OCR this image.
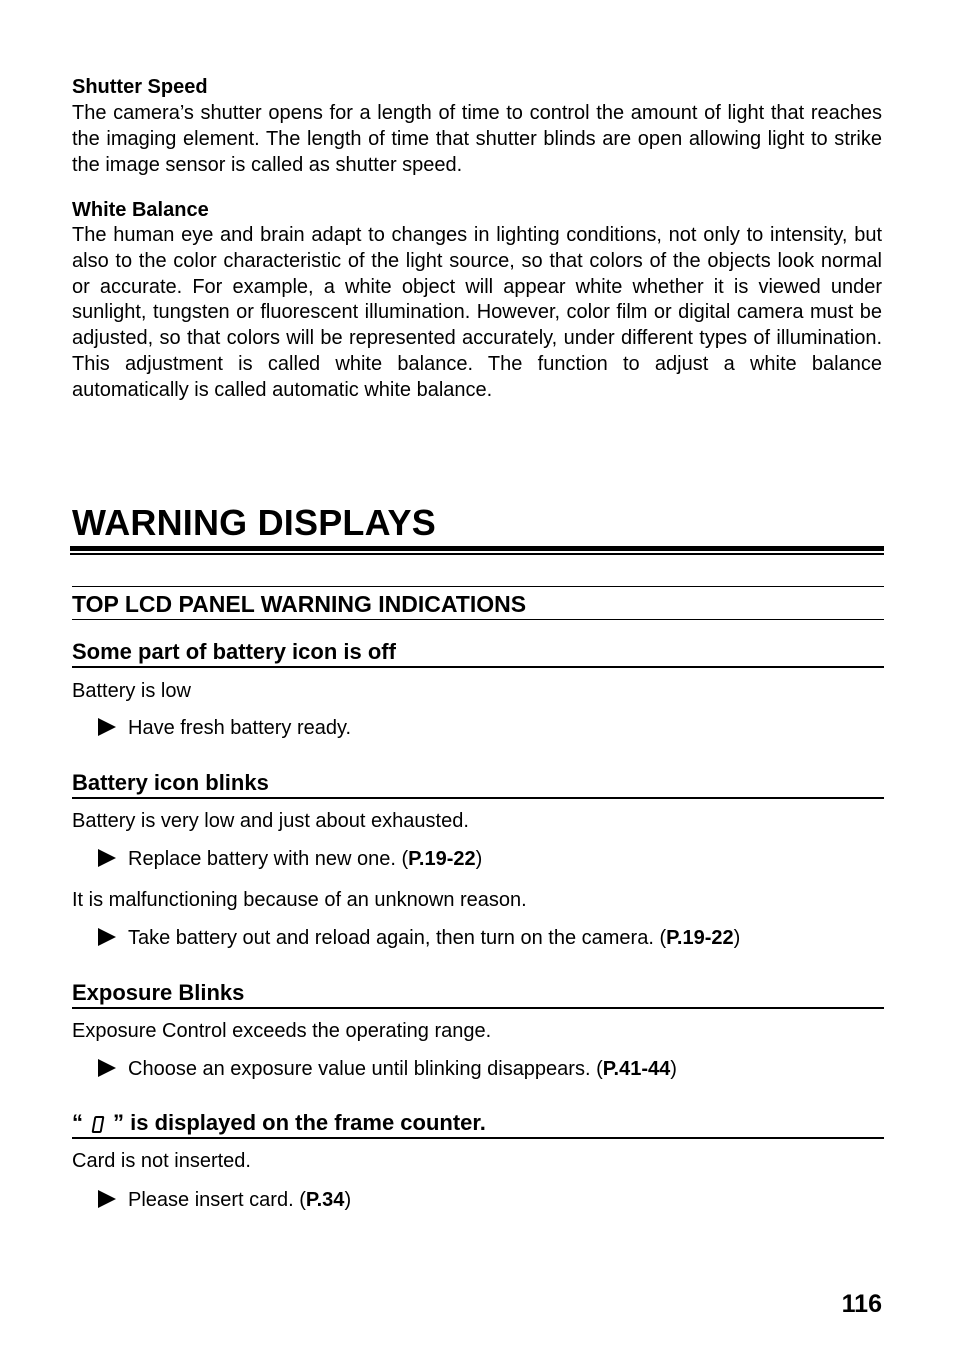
Shutter Speed
The camera’s shutter opens for a length of time to control the amount of light that reaches the imaging element. The length of time that shutter blinds are open allowing light to strike the image sensor is called as shutter speed.
White Balance
The human eye and brain adapt to changes in lighting conditions, not only to intensity, but also to the color characteristic of the light source, so that colors of the objects look normal or accurate. For example, a white object will appear white whether it is viewed under sunlight, tungsten or fluorescent illumination. However, color film or digital camera must be adjusted, so that colors will be represented accurately, under different types of illumination. This adjustment is called white balance. The function to adjust a white balance automatically is called automatic white balance.
WARNING DISPLAYS
TOP LCD PANEL WARNING INDICATIONS
Some part of battery icon is off
Battery is low
Have fresh battery ready.
Battery icon blinks
Battery is very low and just about exhausted.
Replace battery with new one. (P.19-22)
It is malfunctioning because of an unknown reason.
Take battery out and reload again, then turn on the camera. (P.19-22)
Exposure Blinks
Exposure Control exceeds the operating range.
Choose an exposure value until blinking disappears. (P.41-44)
“ ” is displayed on the frame counter.
Card is not inserted.
Please insert card. (P.34)
116
